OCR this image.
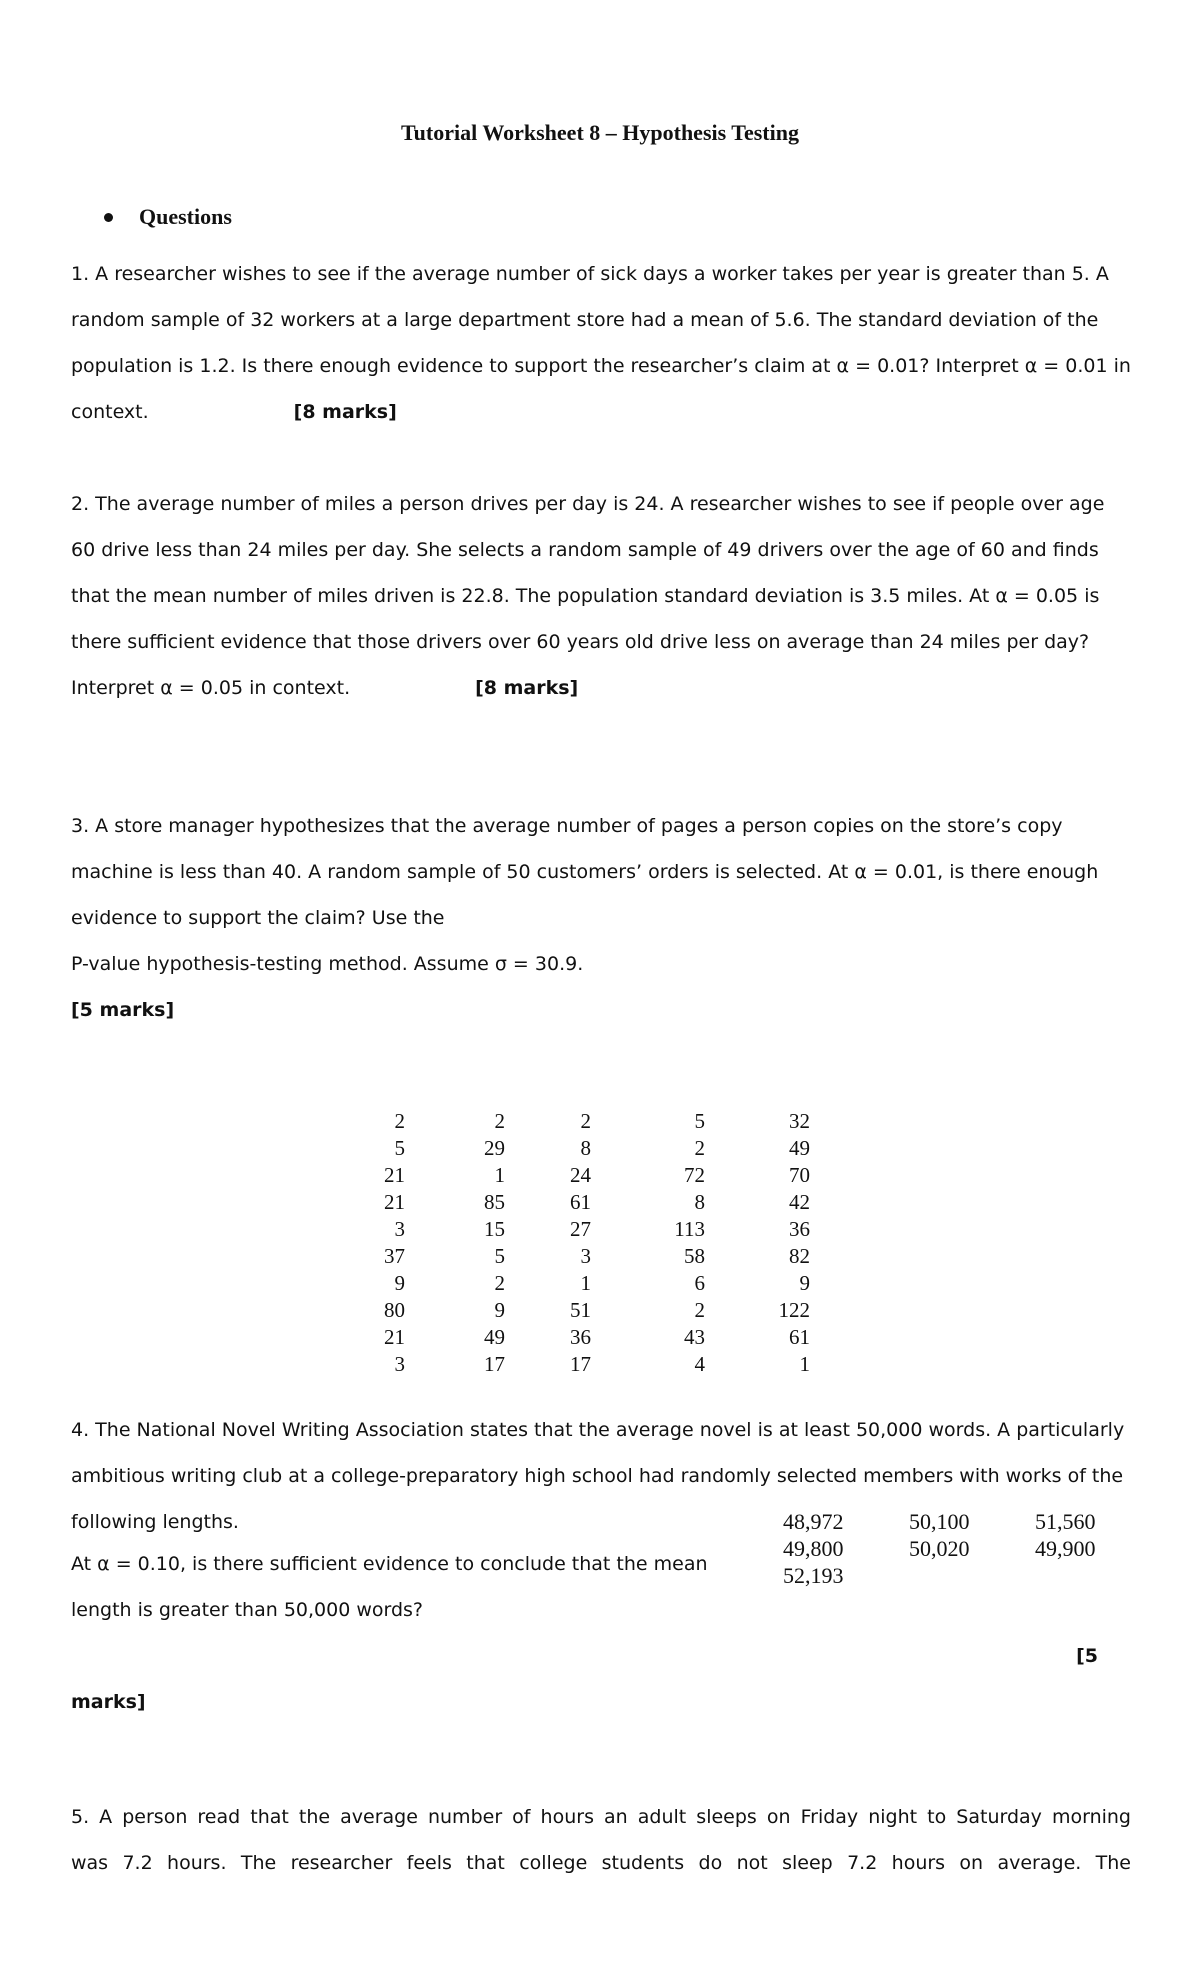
Tutorial Worksheet 8 – Hypothesis Testing
Questions

1. A researcher wishes to see if the average number of sick days a worker takes per year is greater than 5. A random sample of 32 workers at a large department store had a mean of 5.6. The standard deviation of the population is 1.2. Is there enough evidence to support the researcher’s claim at α = 0.01? Interpret α = 0.01 in context.	[8 marks]

2. The average number of miles a person drives per day is 24. A researcher wishes to see if people over age 60 drive less than 24 miles per day. She selects a random sample of 49 drivers over the age of 60 and finds that the mean number of miles driven is 22.8. The population standard deviation is 3.5 miles. At α = 0.05 is there sufficient evidence that those drivers over 60 years old drive less on average than 24 miles per day? Interpret α = 0.05 in context.	[8 marks]

3. A store manager hypothesizes that the average number of pages a person copies on the store’s copy machine is less than 40. A random sample of 50 customers’ orders is selected. At α = 0.01, is there enough evidence to support the claim? Use the
P-value hypothesis-testing method. Assume σ = 30.9.
[5 marks]

2	2	2	5	32
5	29	8	2	49
21	1	24	72	70
21	85	61	8	42
3	15	27	113	36
37	5	3	58	82
9	2	1	6	9
80	9	51	2	122
21	49	36	43	61
3	17	17	4	1

4. The National Novel Writing Association states that the average novel is at least 50,000 words. A particularly ambitious writing club at a college-preparatory high school had randomly selected members with works of the following lengths.

At α = 0.10, is there sufficient evidence to conclude that the mean length is greater than 50,000 words?

48,972	50,100	51,560
49,800	50,020	49,900
52,193		
[5
marks]

5. A person read that the average number of hours an adult sleeps on Friday night to Saturday morning

was 7.2 hours. The researcher feels that college students do not sleep 7.2 hours on average. The
